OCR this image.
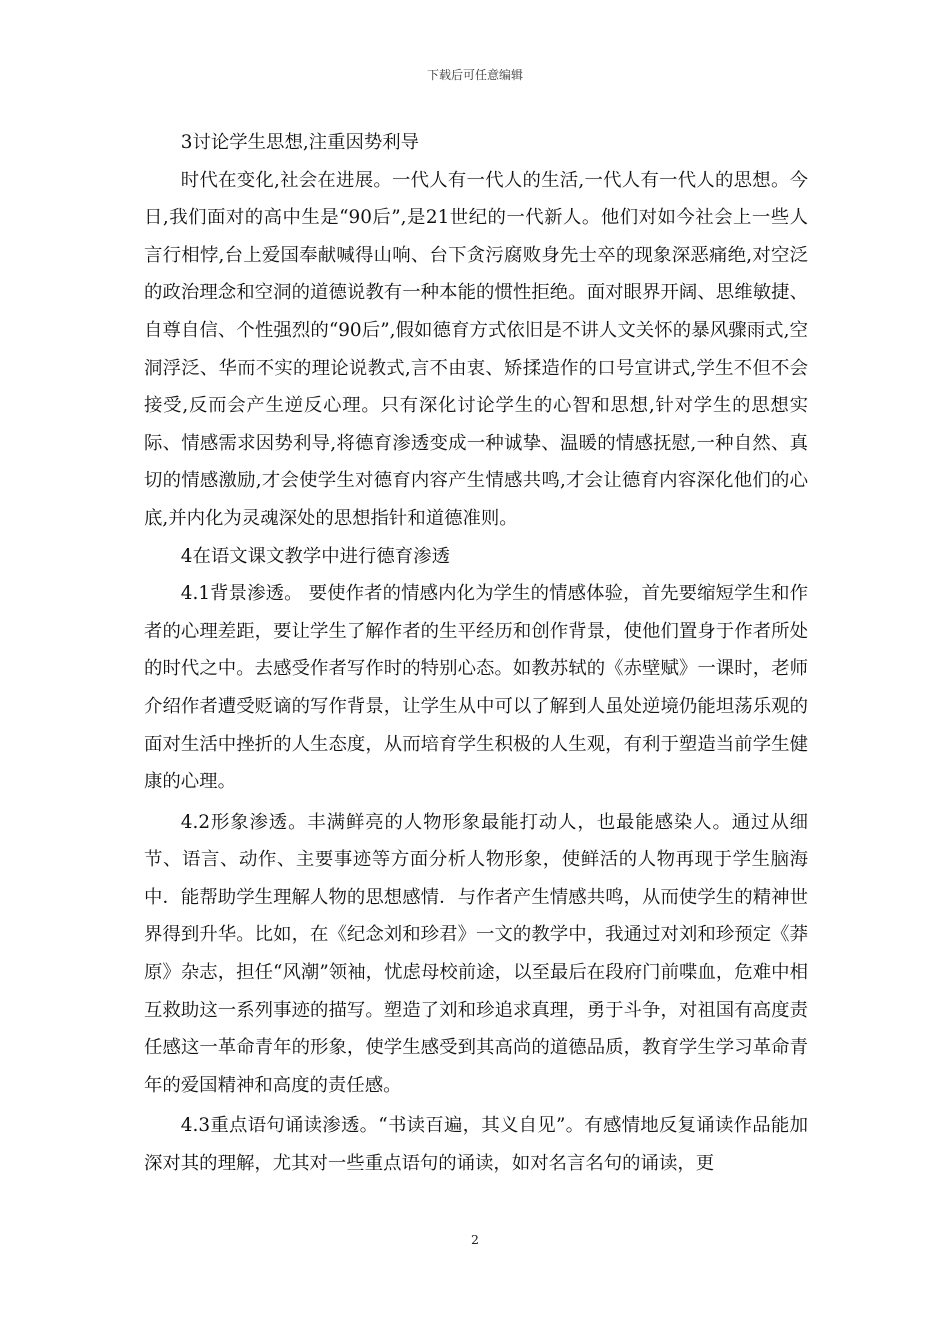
下载后可任意编辑

3讨论学生思想,注重因势利导

时代在变化,社会在进展。一代人有一代人的生活,一代人有一代人的思想。今日,我们面对的高中生是“90后”,是21世纪的一代新人。他们对如今社会上一些人言行相悖,台上爱国奉献喊得山响、台下贪污腐败身先士卒的现象深恶痛绝,对空泛的政治理念和空洞的道德说教有一种本能的惯性拒绝。面对眼界开阔、思维敏捷、自尊自信、个性强烈的“90后”,假如德育方式依旧是不讲人文关怀的暴风骤雨式,空洞浮泛、华而不实的理论说教式,言不由衷、矫揉造作的口号宣讲式,学生不但不会接受,反而会产生逆反心理。只有深化讨论学生的心智和思想,针对学生的思想实际、情感需求因势利导,将德育渗透变成一种诚挚、温暖的情感抚慰,一种自然、真切的情感激励,才会使学生对德育内容产生情感共鸣,才会让德育内容深化他们的心底,并内化为灵魂深处的思想指针和道德准则。

4在语文课文教学中进行德育渗透

4.1背景渗透。 要使作者的情感内化为学生的情感体验，首先要缩短学生和作者的心理差距，要让学生了解作者的生平经历和创作背景，使他们置身于作者所处的时代之中。去感受作者写作时的特别心态。如教苏轼的《赤壁赋》一课时，老师介绍作者遭受贬谪的写作背景，让学生从中可以了解到人虽处逆境仍能坦荡乐观的面对生活中挫折的人生态度，从而培育学生积极的人生观，有利于塑造当前学生健康的心理。

4.2形象渗透。丰满鲜亮的人物形象最能打动人，也最能感染人。通过从细节、语言、动作、主要事迹等方面分析人物形象，使鲜活的人物再现于学生脑海中．能帮助学生理解人物的思想感情．与作者产生情感共鸣，从而使学生的精神世界得到升华。比如，在《纪念刘和珍君》一文的教学中，我通过对刘和珍预定《莽原》杂志，担任“风潮”领袖，忧虑母校前途，以至最后在段府门前喋血，危难中相互救助这一系列事迹的描写。塑造了刘和珍追求真理，勇于斗争，对祖国有高度责任感这一革命青年的形象，使学生感受到其高尚的道德品质，教育学生学习革命青年的爱国精神和高度的责任感。

4.3重点语句诵读渗透。“书读百遍，其义自见”。有感情地反复诵读作品能加深对其的理解，尤其对一些重点语句的诵读，如对名言名句的诵读，更

2
